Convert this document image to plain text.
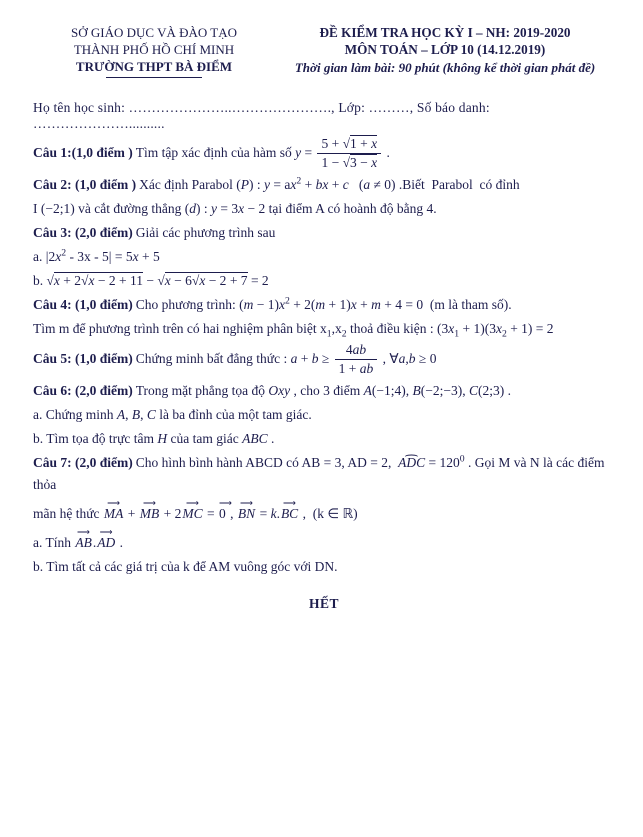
SỞ GIÁO DỤC VÀ ĐÀO TẠO
THÀNH PHỐ HỒ CHÍ MINH
TRƯỜNG THPT BÀ ĐIỂM
ĐỀ KIỂM TRA HỌC KỲ I – NH: 2019-2020
MÔN TOÁN – LỚP 10 (14.12.2019)
Thời gian làm bài: 90 phút (không kể thời gian phát đề)
Họ tên học sinh: …………………..…………………., Lớp: ………, Số báo danh: …………………..........

Câu 1:(1,0 điểm ) Tìm tập xác định của hàm số $y = \frac{5 + √1 + x}{1 - √3 - x}$ .

Câu 2: (1,0 điểm ) Xác định Parabol (P) : $y = ax^2$ + bx + c   (a ≠ 0) .Biết  Parabol  có đỉnh

I (−2;1) và cắt đường thẳng (d) : y = 3x − 2 tại điểm A có hoành độ bằng 4.

Câu 3: (2,0 điểm) Giải các phương trình sau

a. $|2x^2 - 3x - 5| = 5x + 5$

b. √x + 2√x − 2 + 11 − √x − 6√x − 2 + 7 = 2

Câu 4: (1,0 điểm) Cho phương trình: $(m - 1)x^2 + 2(m + 1)x + m + 4 = 0$  (m là tham số).

Tìm m để phương trình trên có hai nghiệm phân biệt $x_1,x_2$ thoả điều kiện : $(3x_1 + 1)(3x_2 + 1) = 2$

Câu 5: (1,0 điểm) Chứng minh bất đẳng thức : $a + b \ge \frac{4ab}{1 + ab}$ , ∀a,b ≥ 0

Câu 6: (2,0 điểm) Trong mặt phẳng tọa độ Oxy , cho 3 điểm A(−1;4), B(−2;−3), C(2;3) .

a. Chứng minh A, B, C là ba đỉnh của một tam giác.

b. Tìm tọa độ trực tâm H của tam giác ABC .

Câu 7: (2,0 điểm) Cho hình bình hành ABCD có AB = 3, AD = 2,  ⌢ ADC = $120^0$ . Gọi M và N là các điểm thỏa

mãn hệ thức ⟶ MA + ⟶ MB + 2⟶ MC = ⟶ 0 , ⟶ BN = k.⟶ BC ,  (k ∈ ℝ)

a. Tính ⟶ AB.⟶ AD .

b. Tìm tất cả các giá trị của k để AM vuông góc với DN.

HẾT
